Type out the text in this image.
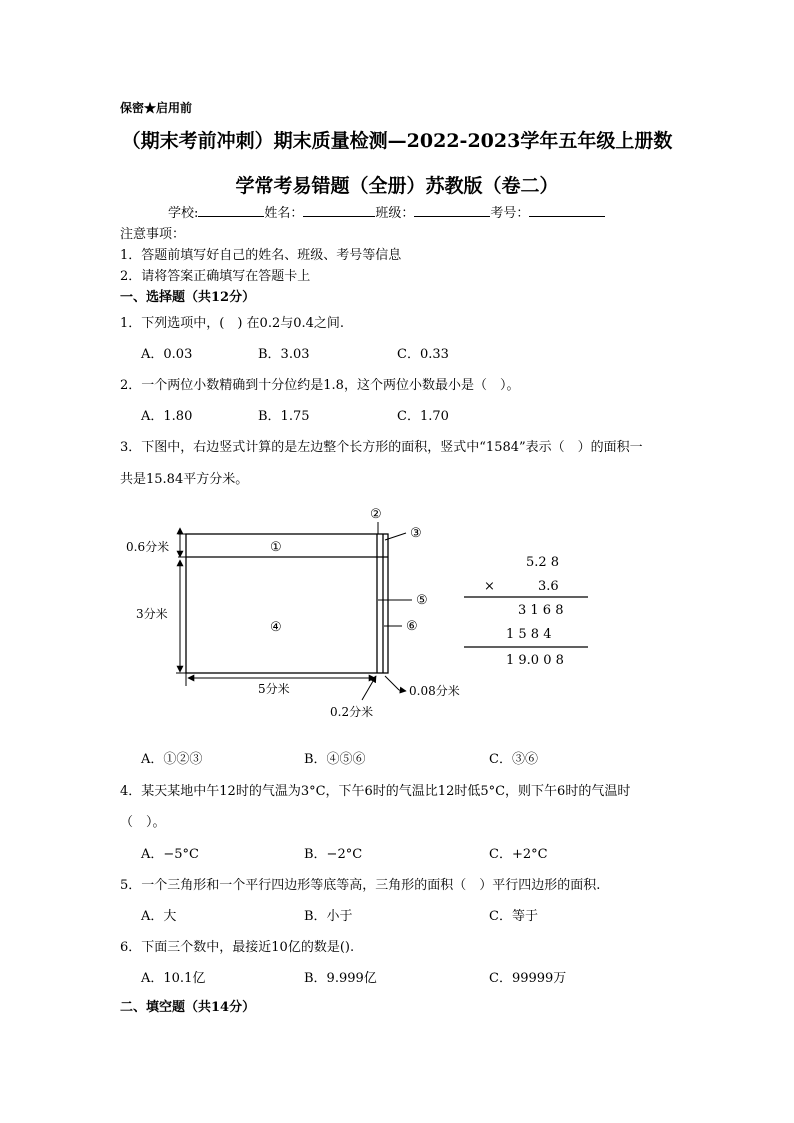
保密★启用前
（期末考前冲刺）期末质量检测—2022-2023学年五年级上册数
学常考易错题（全册）苏教版（卷二）
学校:	姓名：	班级：	考号：
注意事项：
1．答题前填写好自己的姓名、班级、考号等信息
2．请将答案正确填写在答题卡上
一、选择题（共12分）
1．下列选项中，(　) 在0.2与0.4之间.
A．0.03	B．3.03	C．0.33
2．一个两位小数精确到十分位约是1.8，这个两位小数最小是（　）。
A．1.80	B．1.75	C．1.70
3．下图中，右边竖式计算的是左边整个长方形的面积，竖式中“1584”表示（　）的面积一
共是15.84平方分米。
0.6分米
3分米
5分米
①
④
②
③
⑤
⑥
0.2分米
0.08分米
5.2 8
×	3.6
3 1 6 8
1 5 8 4
1 9.0 0 8
A．①②③	B．④⑤⑥	C．③⑥
4．某天某地中午12时的气温为3°C，下午6时的气温比12时低5°C，则下午6时的气温时
（　）。
A．−5°C	B．−2°C	C．+2°C
5．一个三角形和一个平行四边形等底等高，三角形的面积（　）平行四边形的面积.
A．大	B．小于	C．等于
6．下面三个数中，最接近10亿的数是().
A．10.1亿	B．9.999亿	C．99999万
二、填空题（共14分）
